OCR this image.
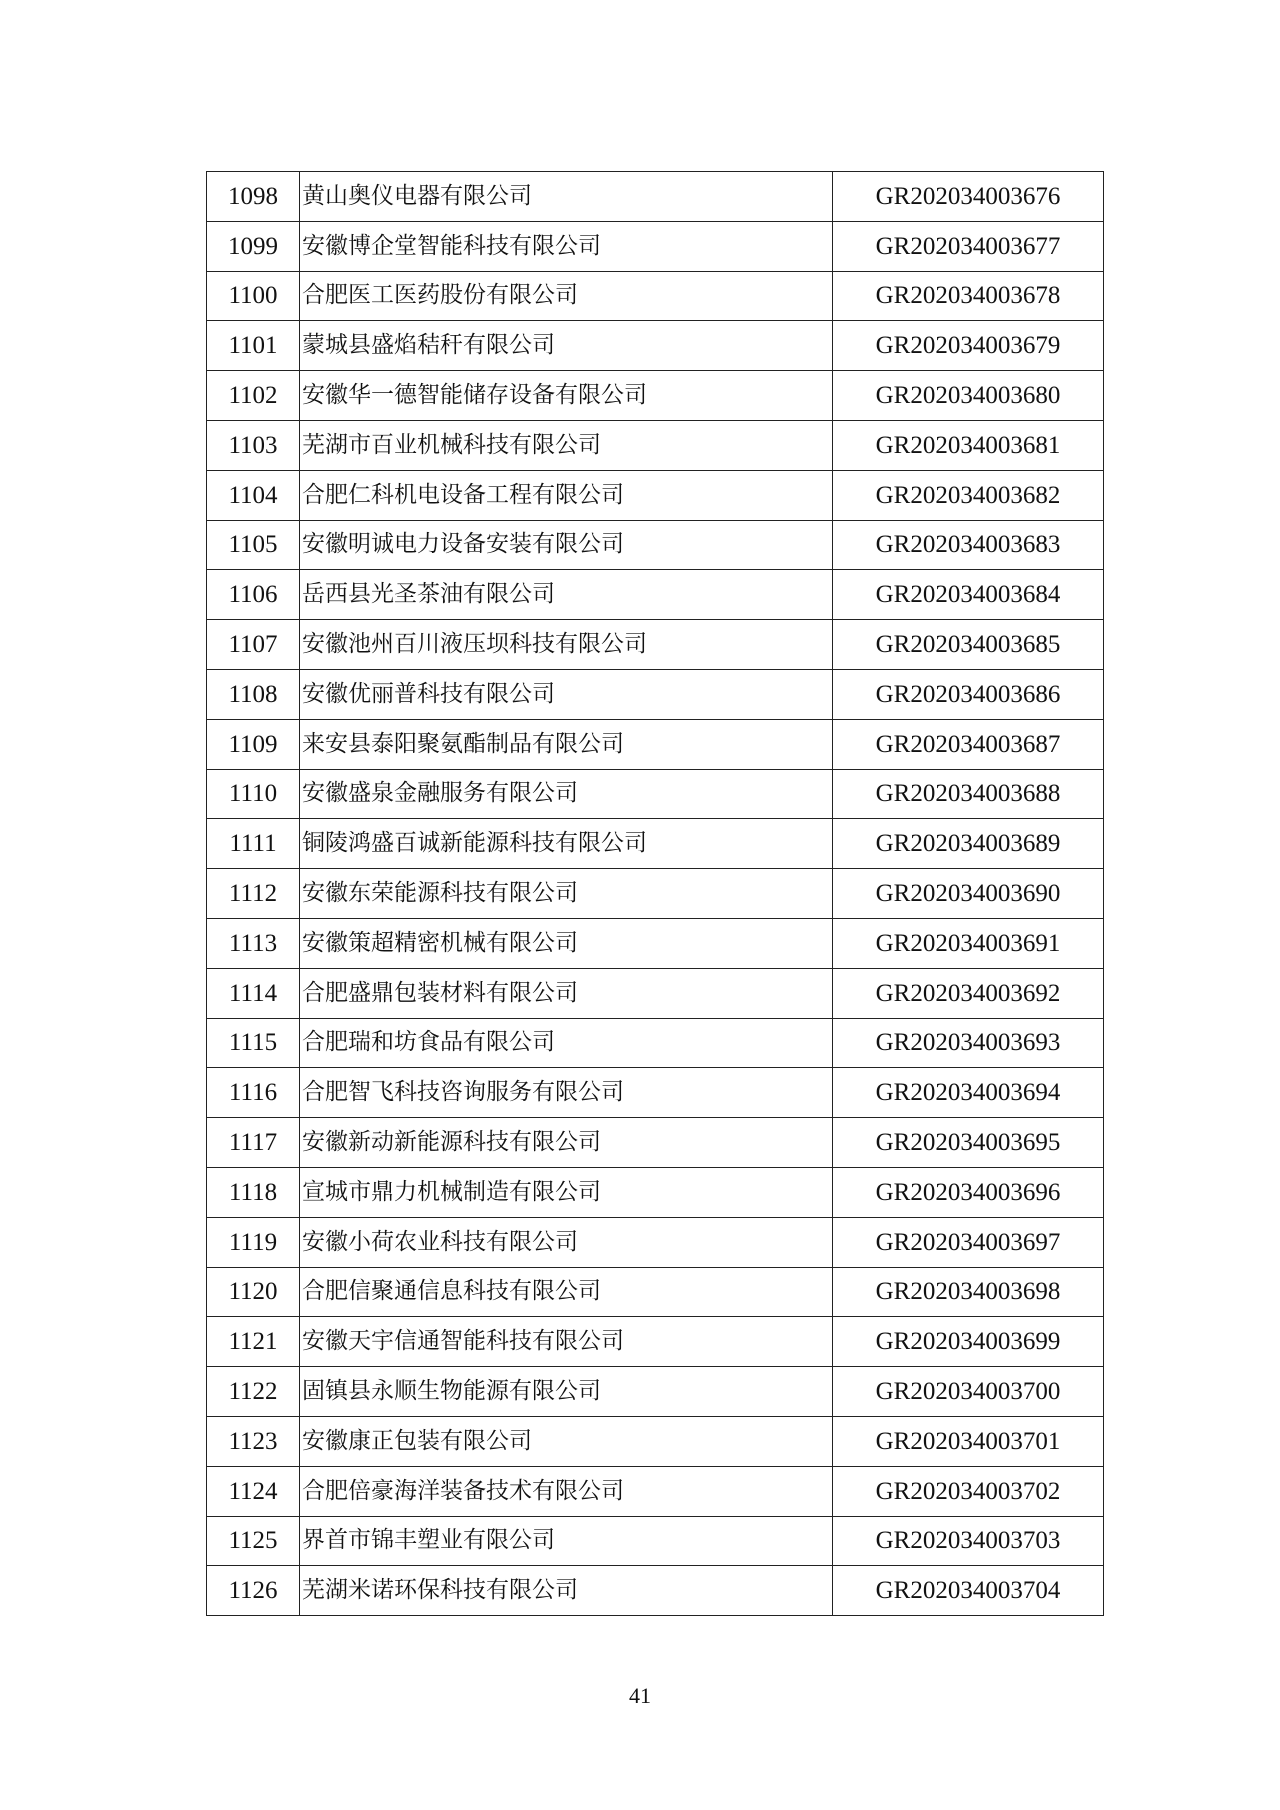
1098	黄山奥仪电器有限公司	GR202034003676
1099	安徽博企堂智能科技有限公司	GR202034003677
1100	合肥医工医药股份有限公司	GR202034003678
1101	蒙城县盛焰秸秆有限公司	GR202034003679
1102	安徽华一德智能储存设备有限公司	GR202034003680
1103	芜湖市百业机械科技有限公司	GR202034003681
1104	合肥仁科机电设备工程有限公司	GR202034003682
1105	安徽明诚电力设备安装有限公司	GR202034003683
1106	岳西县光圣茶油有限公司	GR202034003684
1107	安徽池州百川液压坝科技有限公司	GR202034003685
1108	安徽优丽普科技有限公司	GR202034003686
1109	来安县泰阳聚氨酯制品有限公司	GR202034003687
1110	安徽盛泉金融服务有限公司	GR202034003688
1111	铜陵鸿盛百诚新能源科技有限公司	GR202034003689
1112	安徽东荣能源科技有限公司	GR202034003690
1113	安徽策超精密机械有限公司	GR202034003691
1114	合肥盛鼎包装材料有限公司	GR202034003692
1115	合肥瑞和坊食品有限公司	GR202034003693
1116	合肥智飞科技咨询服务有限公司	GR202034003694
1117	安徽新动新能源科技有限公司	GR202034003695
1118	宣城市鼎力机械制造有限公司	GR202034003696
1119	安徽小荷农业科技有限公司	GR202034003697
1120	合肥信聚通信息科技有限公司	GR202034003698
1121	安徽天宇信通智能科技有限公司	GR202034003699
1122	固镇县永顺生物能源有限公司	GR202034003700
1123	安徽康正包装有限公司	GR202034003701
1124	合肥倍豪海洋装备技术有限公司	GR202034003702
1125	界首市锦丰塑业有限公司	GR202034003703
1126	芜湖米诺环保科技有限公司	GR202034003704
41
